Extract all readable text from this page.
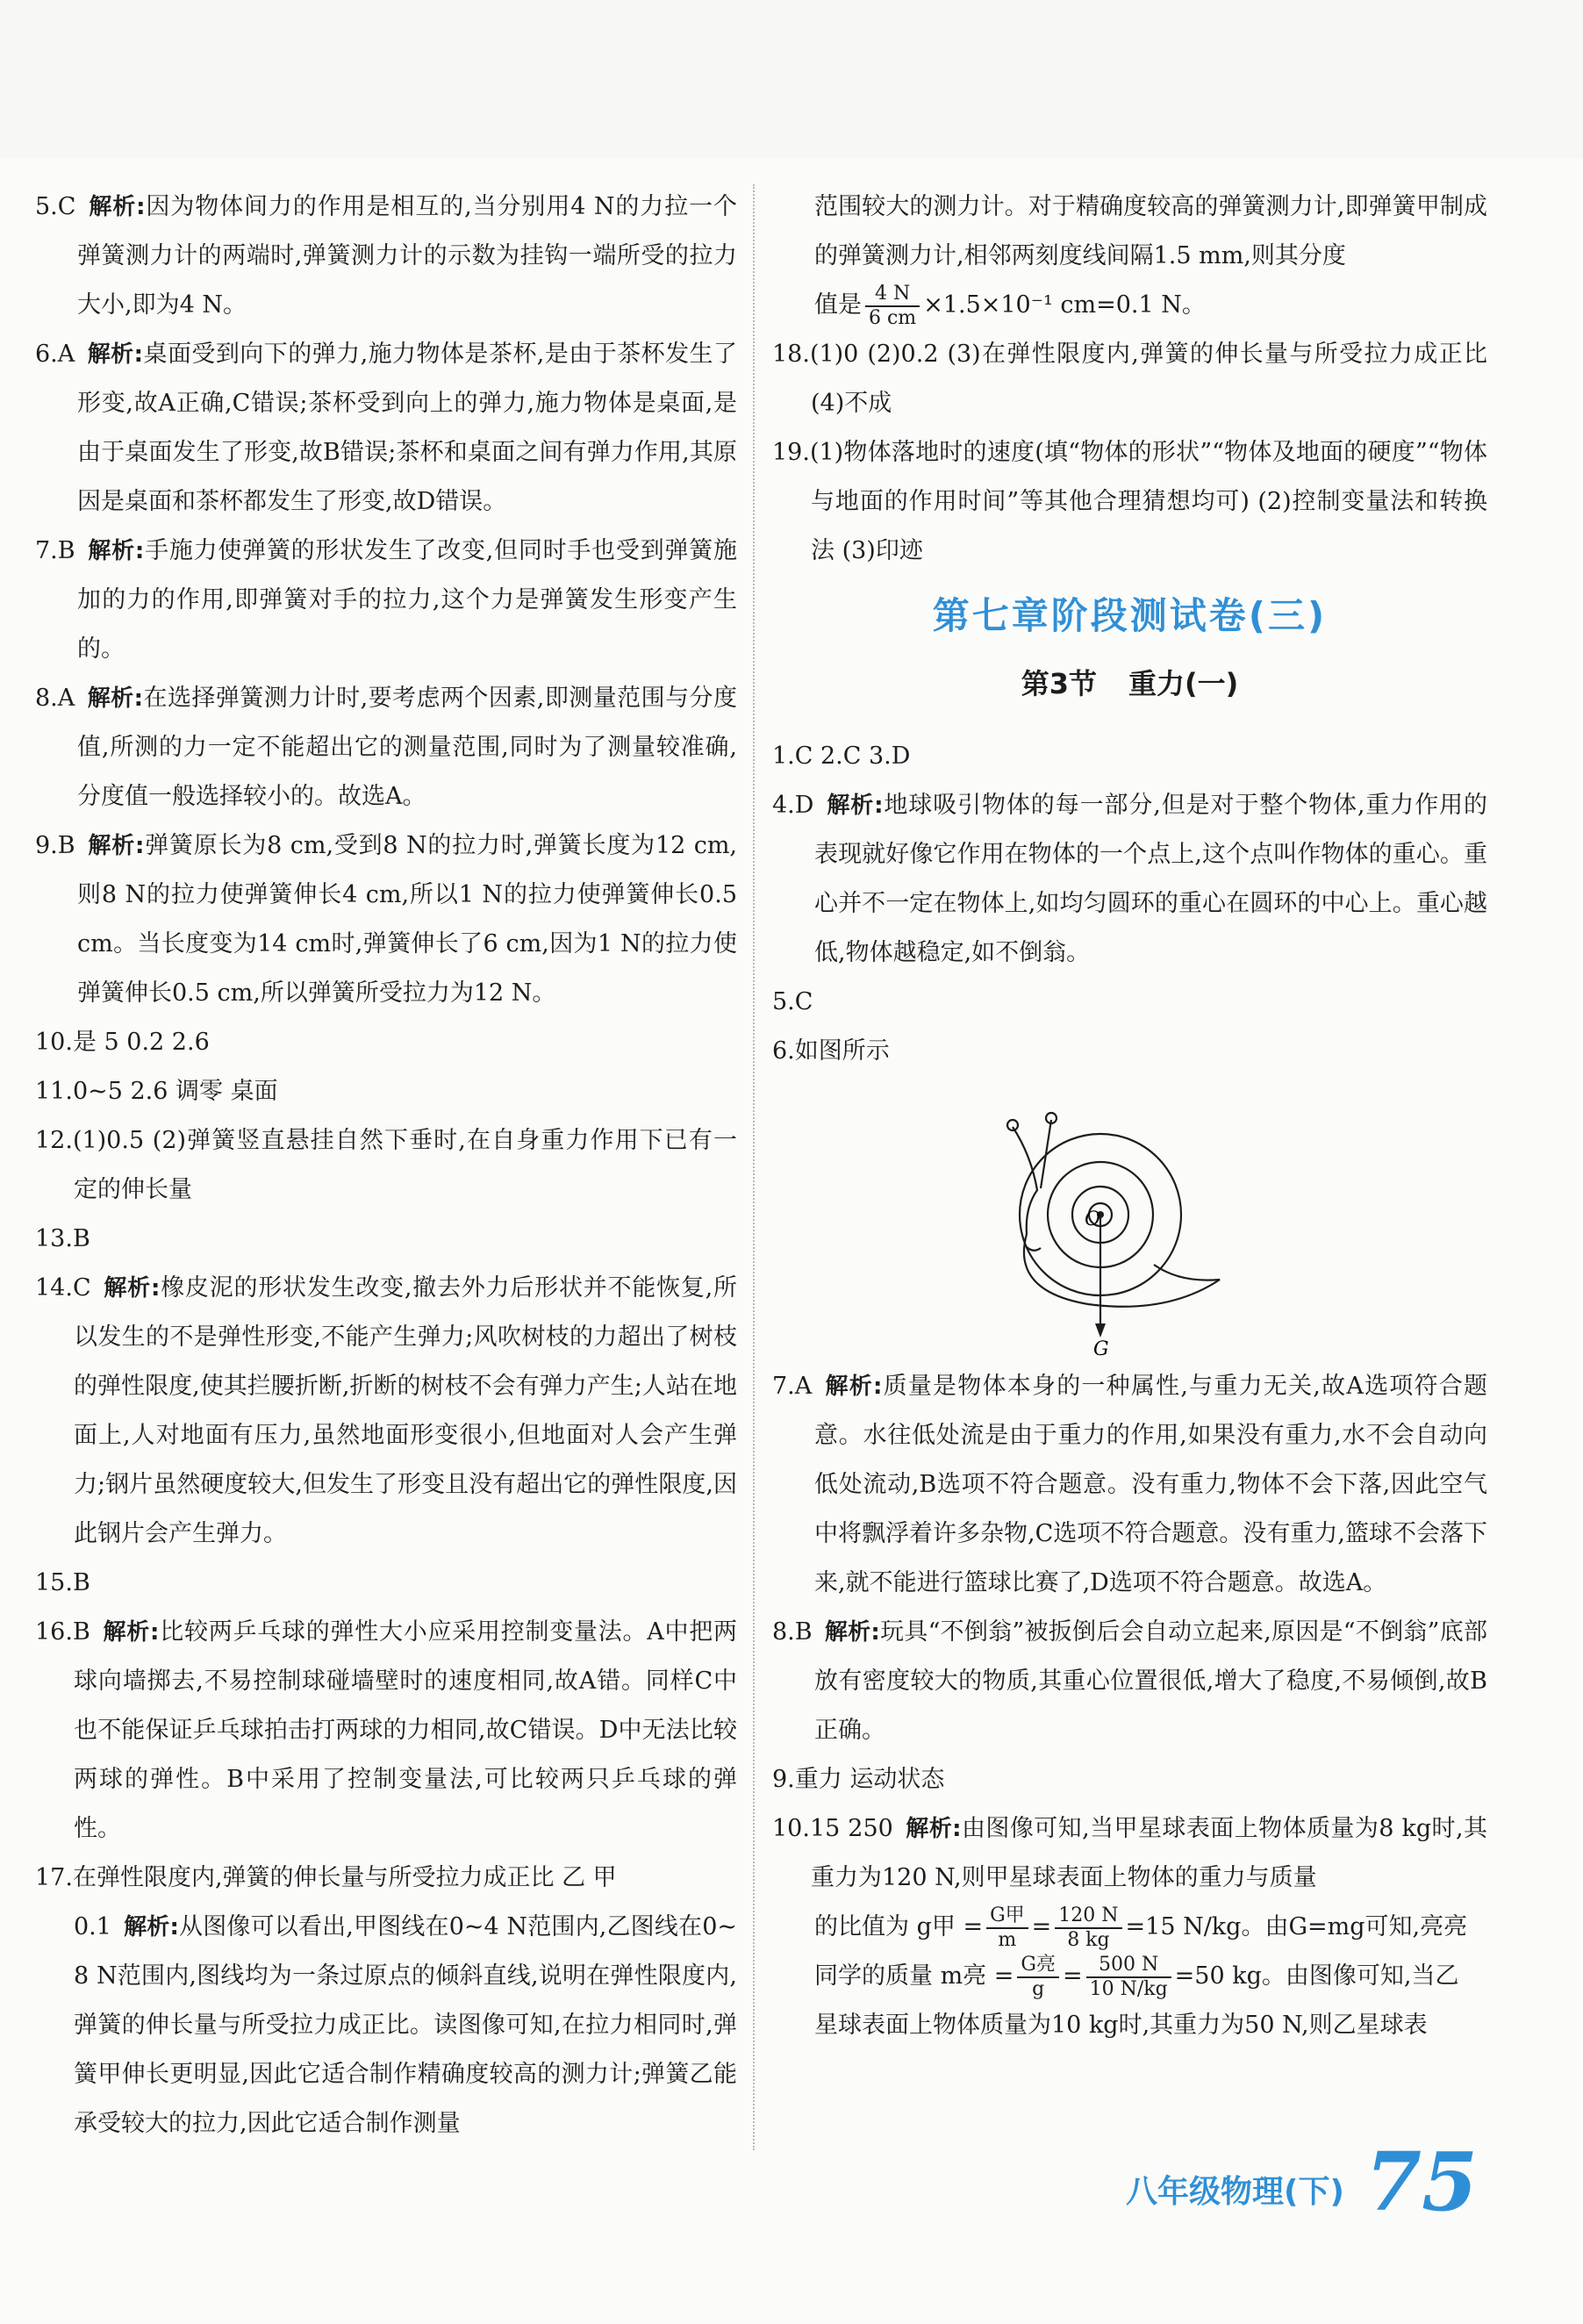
5.C 解析:因为物体间力的作用是相互的,当分别用4 N的力拉一个弹簧测力计的两端时,弹簧测力计的示数为挂钩一端所受的拉力大小,即为4 N。
6.A 解析:桌面受到向下的弹力,施力物体是茶杯,是由于茶杯发生了形变,故A正确,C错误;茶杯受到向上的弹力,施力物体是桌面,是由于桌面发生了形变,故B错误;茶杯和桌面之间有弹力作用,其原因是桌面和茶杯都发生了形变,故D错误。
7.B 解析:手施力使弹簧的形状发生了改变,但同时手也受到弹簧施加的力的作用,即弹簧对手的拉力,这个力是弹簧发生形变产生的。
8.A 解析:在选择弹簧测力计时,要考虑两个因素,即测量范围与分度值,所测的力一定不能超出它的测量范围,同时为了测量较准确,分度值一般选择较小的。故选A。
9.B 解析:弹簧原长为8 cm,受到8 N的拉力时,弹簧长度为12 cm,则8 N的拉力使弹簧伸长4 cm,所以1 N的拉力使弹簧伸长0.5 cm。当长度变为14 cm时,弹簧伸长了6 cm,因为1 N的拉力使弹簧伸长0.5 cm,所以弹簧所受拉力为12 N。
10.是 5 0.2 2.6
11.0~5 2.6 调零 桌面
12.(1)0.5 (2)弹簧竖直悬挂自然下垂时,在自身重力作用下已有一定的伸长量
13.B
14.C 解析:橡皮泥的形状发生改变,撤去外力后形状并不能恢复,所以发生的不是弹性形变,不能产生弹力;风吹树枝的力超出了树枝的弹性限度,使其拦腰折断,折断的树枝不会有弹力产生;人站在地面上,人对地面有压力,虽然地面形变很小,但地面对人会产生弹力;钢片虽然硬度较大,但发生了形变且没有超出它的弹性限度,因此钢片会产生弹力。
15.B
16.B 解析:比较两乒乓球的弹性大小应采用控制变量法。A中把两球向墙掷去,不易控制球碰墙壁时的速度相同,故A错。同样C中也不能保证乒乓球拍击打两球的力相同,故C错误。D中无法比较两球的弹性。B中采用了控制变量法,可比较两只乒乓球的弹性。
17.在弹性限度内,弹簧的伸长量与所受拉力成正比 乙 甲
0.1 解析:从图像可以看出,甲图线在0~4 N范围内,乙图线在0~8 N范围内,图线均为一条过原点的倾斜直线,说明在弹性限度内,弹簧的伸长量与所受拉力成正比。读图像可知,在拉力相同时,弹簧甲伸长更明显,因此它适合制作精确度较高的测力计;弹簧乙能承受较大的拉力,因此它适合制作测量
范围较大的测力计。对于精确度较高的弹簧测力计,即弹簧甲制成的弹簧测力计,相邻两刻度线间隔1.5 mm,则其分度
值是 $\frac{4 N}{6 cm} \times 1.5\times 10^{-1}$ cm=0.1 N。
18.(1)0 (2)0.2 (3)在弹性限度内,弹簧的伸长量与所受拉力成正比 (4)不成
19.(1)物体落地时的速度(填“物体的形状”“物体及地面的硬度”“物体与地面的作用时间”等其他合理猜想均可) (2)控制变量法和转换法 (3)印迹
第七章阶段测试卷(三)
第3节 重力(一)
1.C 2.C 3.D
4.D 解析:地球吸引物体的每一部分,但是对于整个物体,重力作用的表现就好像它作用在物体的一个点上,这个点叫作物体的重心。重心并不一定在物体上,如均匀圆环的重心在圆环的中心上。重心越低,物体越稳定,如不倒翁。
5.C
6.如图所示
O
G
7.A 解析:质量是物体本身的一种属性,与重力无关,故A选项符合题意。水往低处流是由于重力的作用,如果没有重力,水不会自动向低处流动,B选项不符合题意。没有重力,物体不会下落,因此空气中将飘浮着许多杂物,C选项不符合题意。没有重力,篮球不会落下来,就不能进行篮球比赛了,D选项不符合题意。故选A。
8.B 解析:玩具“不倒翁”被扳倒后会自动立起来,原因是“不倒翁”底部放有密度较大的物质,其重心位置很低,增大了稳度,不易倾倒,故B正确。
9.重力 运动状态
10.15 250 解析:由图像可知,当甲星球表面上物体质量为8 kg时,其重力为120 N,则甲星球表面上物体的重力与质量
的比值为 g甲 = $\frac{\text{G甲}}{m} = \frac{120 N}{8 kg} =15$ N/kg。由G=mg可知,亮亮
同学的质量 m亮 = $\frac{\text{G亮}}{g} = \frac{500 N}{10 N/kg} =50$ kg。由图像可知,当乙
星球表面上物体质量为10 kg时,其重力为50 N,则乙星球表
八年级物理(下) 75
